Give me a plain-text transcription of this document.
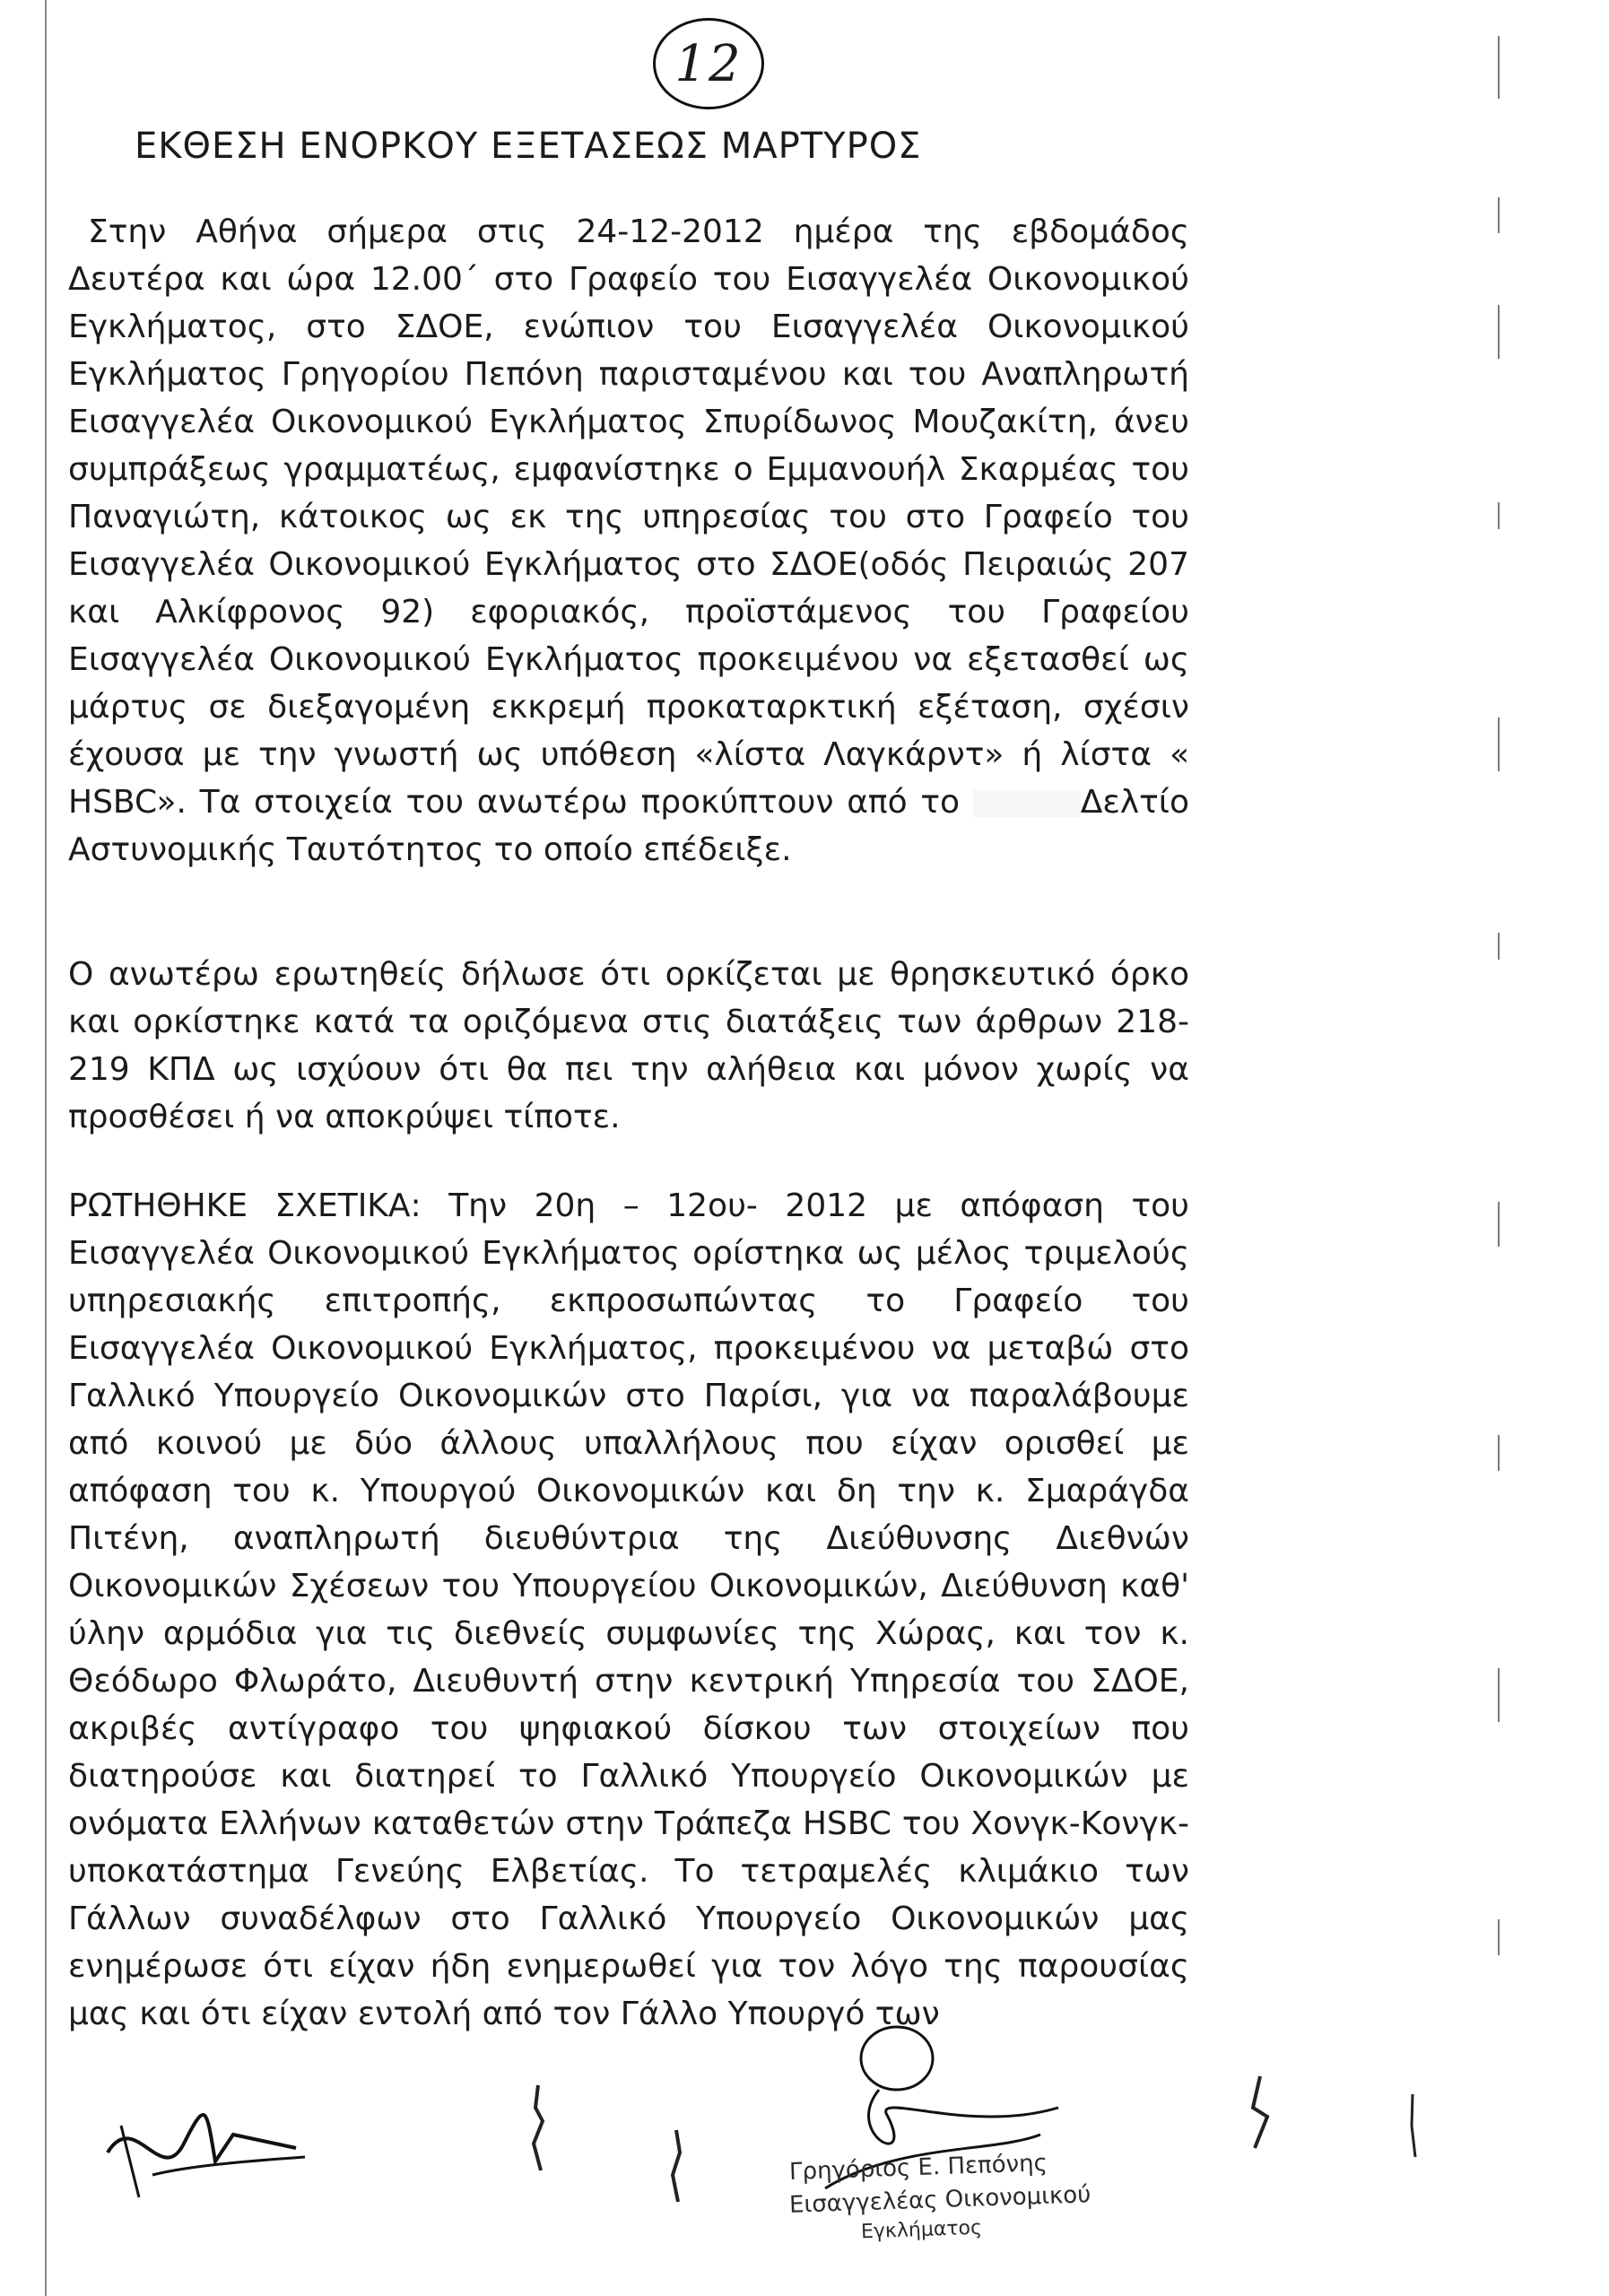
12
ΕΚΘΕΣΗ ΕΝΟΡΚΟΥ ΕΞΕΤΑΣΕΩΣ ΜΑΡΤΥΡΟΣ

Στην Αθήνα σήμερα στις 24-12-2012 ημέρα της εβδομάδος Δευτέρα και ώρα 12.00΄ στο Γραφείο του Εισαγγελέα Οικονομικού Εγκλήματος, στο ΣΔΟΕ, ενώπιον του Εισαγγελέα Οικονομικού Εγκλήματος Γρηγορίου Πεπόνη παρισταμένου και του Αναπληρωτή Εισαγγελέα Οικονομικού Εγκλήματος Σπυρίδωνος Μουζακίτη, άνευ συμπράξεως γραμματέως, εμφανίστηκε ο Εμμανουήλ Σκαρμέας του Παναγιώτη, κάτοικος ως εκ της υπηρεσίας του στο Γραφείο του Εισαγγελέα Οικονομικού Εγκλήματος στο ΣΔΟΕ(οδός Πειραιώς 207 και Αλκίφρονος 92) εφοριακός, προϊστάμενος του Γραφείου Εισαγγελέα Οικονομικού Εγκλήματος προκειμένου να εξετασθεί ως μάρτυς σε διεξαγομένη εκκρεμή προκαταρκτική εξέταση, σχέσιν έχουσα με την γνωστή ως υπόθεση «λίστα Λαγκάρντ» ή λίστα « HSBC». Τα στοιχεία του ανωτέρω προκύπτουν από το	Δελτίο Αστυνομικής Ταυτότητος το οποίο επέδειξε.

Ο ανωτέρω ερωτηθείς δήλωσε ότι ορκίζεται με θρησκευτικό όρκο και ορκίστηκε κατά τα οριζόμενα στις διατάξεις των άρθρων 218-219 ΚΠΔ ως ισχύουν ότι θα πει την αλήθεια και μόνον χωρίς να προσθέσει ή να αποκρύψει τίποτε.

ΡΩΤΗΘΗΚΕ ΣΧΕΤΙΚΑ: Την 20η – 12ου- 2012 με απόφαση του Εισαγγελέα Οικονομικού Εγκλήματος ορίστηκα ως μέλος τριμελούς υπηρεσιακής επιτροπής, εκπροσωπώντας το Γραφείο του Εισαγγελέα Οικονομικού Εγκλήματος, προκειμένου να μεταβώ στο Γαλλικό Υπουργείο Οικονομικών στο Παρίσι, για να παραλάβουμε από κοινού με δύο άλλους υπαλλήλους που είχαν ορισθεί με απόφαση του κ. Υπουργού Οικονομικών και δη την κ. Σμαράγδα Πιτένη, αναπληρωτή διευθύντρια της Διεύθυνσης Διεθνών Οικονομικών Σχέσεων του Υπουργείου Οικονομικών, Διεύθυνση καθ' ύλην αρμόδια για τις διεθνείς συμφωνίες της Χώρας, και τον κ. Θεόδωρο Φλωράτο, Διευθυντή στην κεντρική Υπηρεσία του ΣΔΟΕ, ακριβές αντίγραφο του ψηφιακού δίσκου των στοιχείων που διατηρούσε και διατηρεί το Γαλλικό Υπουργείο Οικονομικών με ονόματα Ελλήνων καταθετών στην Τράπεζα HSBC του Χονγκ-Κονγκ-υποκατάστημα Γενεύης Ελβετίας. Το τετραμελές κλιμάκιο των Γάλλων συναδέλφων στο Γαλλικό Υπουργείο Οικονομικών μας ενημέρωσε ότι είχαν ήδη ενημερωθεί για τον λόγο της παρουσίας μας και ότι είχαν εντολή από τον Γάλλο Υπουργό των

Γρηγόριος Ε. Πεπόνης
Εισαγγελέας Οικονομικού
Εγκλήματος
